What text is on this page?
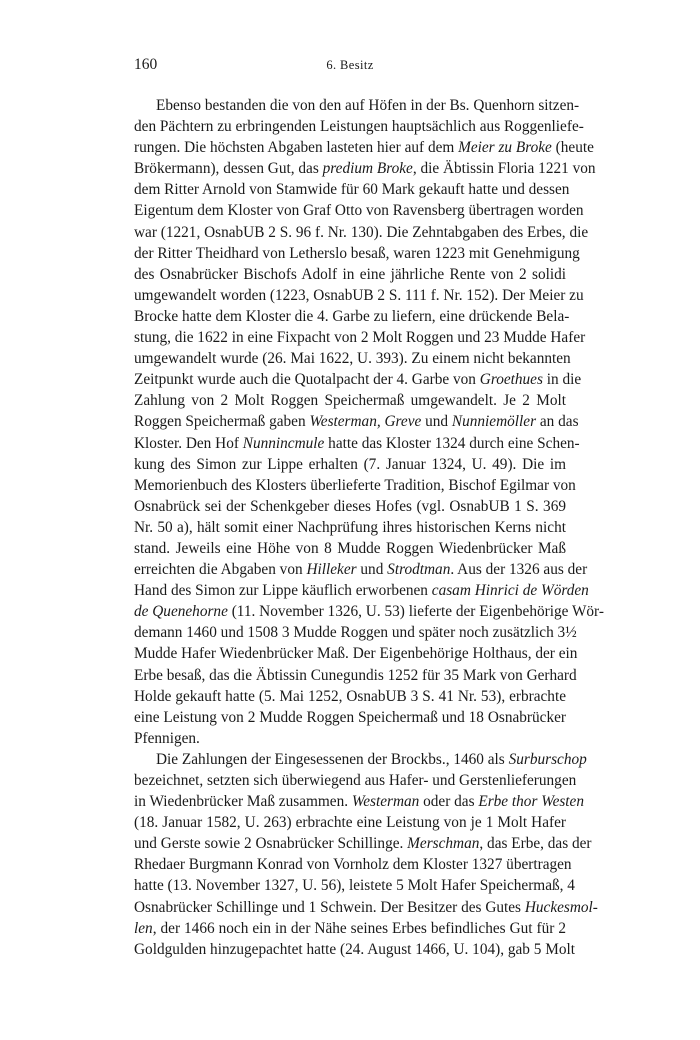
160	6. Besitz
Ebenso bestanden die von den auf Höfen in der Bs. Quenhorn sitzen-
den Pächtern zu erbringenden Leistungen hauptsächlich aus Roggenliefe-
rungen. Die höchsten Abgaben lasteten hier auf dem Meier zu Broke (heute
Brökermann), dessen Gut, das predium Broke, die Äbtissin Floria 1221 von
dem Ritter Arnold von Stamwide für 60 Mark gekauft hatte und dessen
Eigentum dem Kloster von Graf Otto von Ravensberg übertragen worden
war (1221, OsnabUB 2 S. 96 f. Nr. 130). Die Zehntabgaben des Erbes, die
der Ritter Theidhard von Letherslo besaß, waren 1223 mit Genehmigung
des Osnabrücker Bischofs Adolf in eine jährliche Rente von 2 solidi
umgewandelt worden (1223, OsnabUB 2 S. 111 f. Nr. 152). Der Meier zu
Brocke hatte dem Kloster die 4. Garbe zu liefern, eine drückende Bela-
stung, die 1622 in eine Fixpacht von 2 Molt Roggen und 23 Mudde Hafer
umgewandelt wurde (26. Mai 1622, U. 393). Zu einem nicht bekannten
Zeitpunkt wurde auch die Quotalpacht der 4. Garbe von Groethues in die
Zahlung von 2 Molt Roggen Speichermaß umgewandelt. Je 2 Molt
Roggen Speichermaß gaben Westerman, Greve und Nunniemöller an das
Kloster. Den Hof Nunnincmule hatte das Kloster 1324 durch eine Schen-
kung des Simon zur Lippe erhalten (7. Januar 1324, U. 49). Die im
Memorienbuch des Klosters überlieferte Tradition, Bischof Egilmar von
Osnabrück sei der Schenkgeber dieses Hofes (vgl. OsnabUB 1 S. 369
Nr. 50 a), hält somit einer Nachprüfung ihres historischen Kerns nicht
stand. Jeweils eine Höhe von 8 Mudde Roggen Wiedenbrücker Maß
erreichten die Abgaben von Hilleker und Strodtman. Aus der 1326 aus der
Hand des Simon zur Lippe käuflich erworbenen casam Hinrici de Wörden
de Quenehorne (11. November 1326, U. 53) lieferte der Eigenbehörige Wör-
demann 1460 und 1508 3 Mudde Roggen und später noch zusätzlich 3½
Mudde Hafer Wiedenbrücker Maß. Der Eigenbehörige Holthaus, der ein
Erbe besaß, das die Äbtissin Cunegundis 1252 für 35 Mark von Gerhard
Holde gekauft hatte (5. Mai 1252, OsnabUB 3 S. 41 Nr. 53), erbrachte
eine Leistung von 2 Mudde Roggen Speichermaß und 18 Osnabrücker
Pfennigen.
Die Zahlungen der Eingesessenen der Brockbs., 1460 als Surburschop
bezeichnet, setzten sich überwiegend aus Hafer- und Gerstenlieferungen
in Wiedenbrücker Maß zusammen. Westerman oder das Erbe thor Westen
(18. Januar 1582, U. 263) erbrachte eine Leistung von je 1 Molt Hafer
und Gerste sowie 2 Osnabrücker Schillinge. Merschman, das Erbe, das der
Rhedaer Burgmann Konrad von Vornholz dem Kloster 1327 übertragen
hatte (13. November 1327, U. 56), leistete 5 Molt Hafer Speichermaß, 4
Osnabrücker Schillinge und 1 Schwein. Der Besitzer des Gutes Huckesmol-
len, der 1466 noch ein in der Nähe seines Erbes befindliches Gut für 2
Goldgulden hinzugepachtet hatte (24. August 1466, U. 104), gab 5 Molt
